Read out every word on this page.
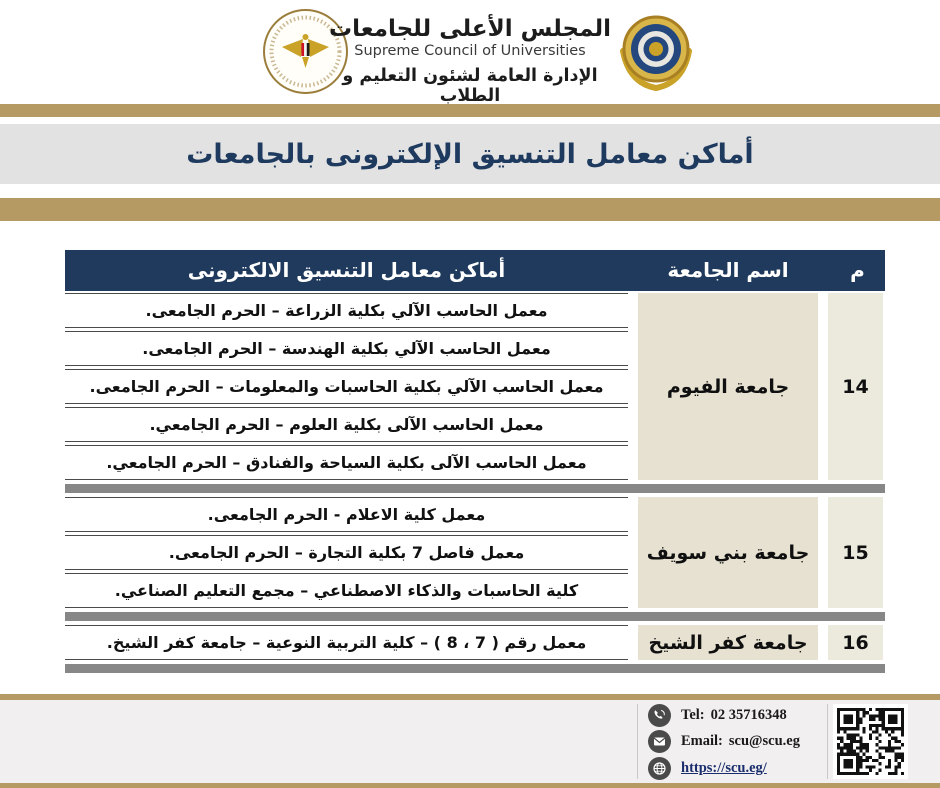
المجلس الأعلى للجامعات
Supreme Council of Universities
الإدارة العامة لشئون التعليم و الطلاب
أماكن معامل التنسيق الإلكترونى بالجامعات
أماكن معامل التنسيق الالكترونى	اسم الجامعة	م
معمل الحاسب الآلي بكلية الزراعة – الحرم الجامعى.
معمل الحاسب الآلي بكلية الهندسة – الحرم الجامعى.
معمل الحاسب الآلي بكلية الحاسبات والمعلومات – الحرم الجامعى.
معمل الحاسب الآلى بكلية العلوم – الحرم الجامعي.
معمل الحاسب الآلى بكلية السياحة والفنادق – الحرم الجامعي.
جامعة الفيوم	14
معمل كلية الاعلام - الحرم الجامعى.
معمل فاصل 7 بكلية التجارة – الحرم الجامعى.
كلية الحاسبات والذكاء الاصطناعي – مجمع التعليم الصناعي.
جامعة بني سويف	15
معمل رقم ( 7 ، 8 ) – كلية التربية النوعية – جامعة كفر الشيخ.	جامعة كفر الشيخ	16
Tel: 02 35716348
Email: scu@scu.eg
https://scu.eg/
